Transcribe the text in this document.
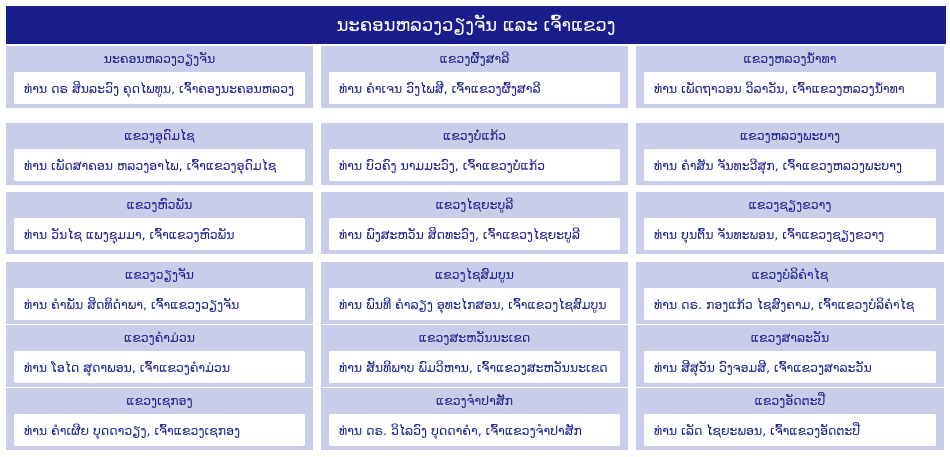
ນະຄອນຫລວງວຽງຈັນ ແລະ ເຈົ້າແຂວງ
ນະຄອນຫລວງວຽງຈັນ
ທ່ານ ດຣ ສິນລະວົງ ຄຸດໄພທູນ, ເຈົ້າຄອງນະຄອນຫລວງ
ແຂວງຜົ້ງສາລີ
ທ່ານ ຄຳເຈນ ວົງໄພສີ, ເຈົ້າແຂວງຜົ້ງສາລີ
ແຂວງຫລວງນ້ຳທາ
ທ່ານ ເພັດຖາວອນ ວິລາວັນ, ເຈົ້າແຂວງຫລວງນ້ຳທາ
ແຂວງອຸດົມໄຊ
ທ່ານ ເພັດສາຄອນ ຫລວງອາໄພ, ເຈົ້າແຂວງອຸດົມໄຊ
ແຂວງບໍ່ແກ້ວ
ທ່ານ ບົວຄົງ ນາມມະວົງ, ເຈົ້າແຂວງບໍ່ແກ້ວ
ແຂວງຫລວງພະບາງ
ທ່ານ ຄຳສັນ ຈັນທະວີສຸກ, ເຈົ້າແຂວງຫລວງພະບາງ
ແຂວງຫົວພັນ
ທ່ານ ວັນໄຊ ແພງຊຸມມາ, ເຈົ້າແຂວງຫົວພັນ
ແຂວງໄຊຍະບູລີ
ທ່ານ ພົງສະຫວັນ ສິດທະວົງ, ເຈົ້າແຂວງໄຊຍະບູລີ
ແຂວງຊຽງຂວາງ
ທ່ານ ບຸນຕົ້ນ ຈັນທະພອນ, ເຈົ້າແຂວງຊຽງຂວາງ
ແຂວງວຽງຈັນ
ທ່ານ ຄຳພັນ ສິດທິດຳພາ, ເຈົ້າແຂວງວຽງຈັນ
ແຂວງໄຊສົມບູນ
ທ່ານ ພົນທີ ຄຳລຽງ ອຸທະໄກສອນ, ເຈົ້າແຂວງໄຊສົມບູນ
ແຂວງບໍລິຄຳໄຊ
ທ່ານ ດຣ. ກອງແກ້ວ ໄຊສົງຄາມ, ເຈົ້າແຂວງບໍລິຄຳໄຊ
ແຂວງຄຳມ່ວນ
ທ່ານ ໂອໄດ ສຸດາພອນ, ເຈົ້າແຂວງຄຳມ່ວນ
ແຂວງສະຫວັນນະເຂດ
ທ່ານ ສັນທິພາບ ພົມວິຫານ, ເຈົ້າແຂວງສະຫວັນນະເຂດ
ແຂວງສາລະວັນ
ທ່ານ ສີສຸວັນ ວົງຈອມສີ, ເຈົ້າແຂວງສາລະວັນ
ແຂວງເຊກອງ
ທ່ານ ຄຳເຜີຍ ບຸດດາວຽງ, ເຈົ້າແຂວງເຊກອງ
ແຂວງຈຳປາສັກ
ທ່ານ ດຣ. ວິໄລວົງ ບຸດດາຄຳ, ເຈົ້າແຂວງຈຳປາສັກ
ແຂວງອັດຕະປື
ທ່ານ ເລັດ ໄຊຍະພອນ, ເຈົ້າແຂວງອັດຕະປື
